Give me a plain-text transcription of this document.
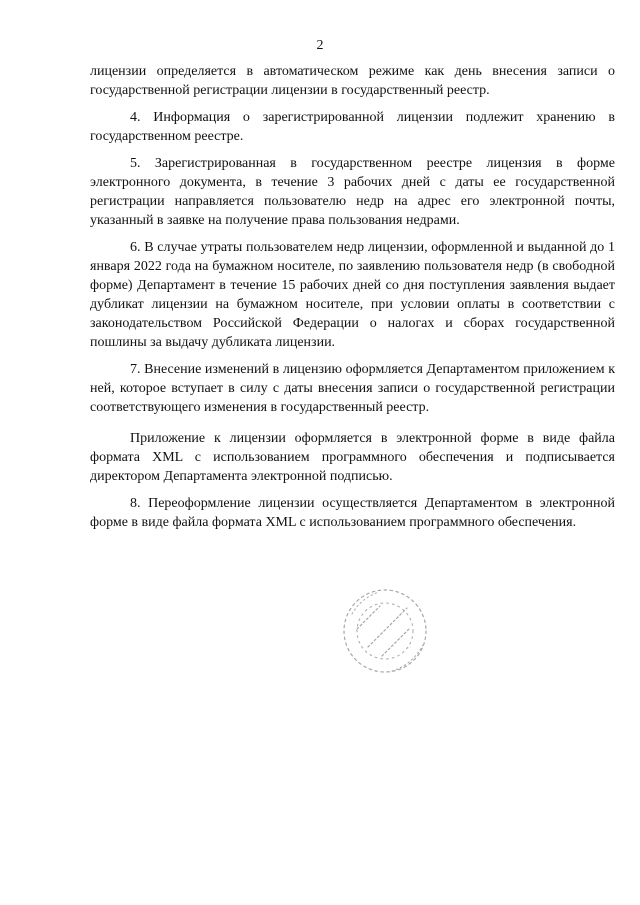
2

лицензии определяется в автоматическом режиме как день внесения записи о государственной регистрации лицензии в государственный реестр.

4. Информация о зарегистрированной лицензии подлежит хранению в государственном реестре.

5. Зарегистрированная в государственном реестре лицензия в форме электронного документа, в течение 3 рабочих дней с даты ее государственной регистрации направляется пользователю недр на адрес его электронной почты, указанный в заявке на получение права пользования недрами.

6. В случае утраты пользователем недр лицензии, оформленной и выданной до 1 января 2022 года на бумажном носителе, по заявлению пользователя недр (в свободной форме) Департамент в течение 15 рабочих дней со дня поступления заявления выдает дубликат лицензии на бумажном носителе, при условии оплаты в соответствии с законодательством Российской Федерации о налогах и сборах государственной пошлины за выдачу дубликата лицензии.

7. Внесение изменений в лицензию оформляется Департаментом приложением к ней, которое вступает в силу с даты внесения записи о государственной регистрации соответствующего изменения в государственный реестр.

Приложение к лицензии оформляется в электронной форме в виде файла формата XML с использованием программного обеспечения и подписывается директором Департамента электронной подписью.

8. Переоформление лицензии осуществляется Департаментом в электронной форме в виде файла формата XML с использованием программного обеспечения.
